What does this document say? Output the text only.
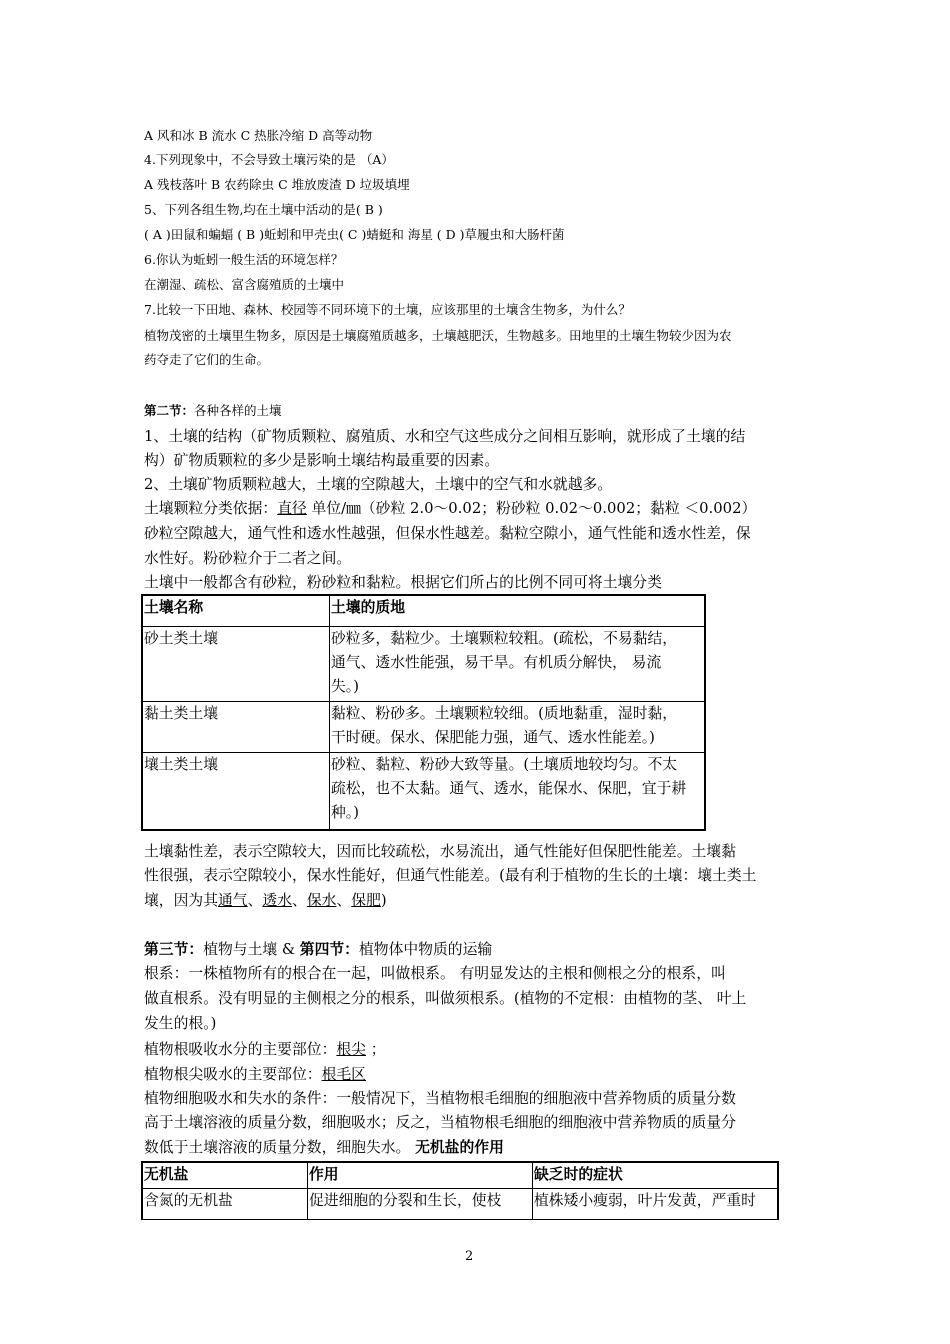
A 风和冰 B 流水 C 热胀冷缩 D 高等动物
4.下列现象中，不会导致土壤污染的是 （A）
A 残枝落叶 B 农药除虫 C 堆放废渣 D 垃圾填埋
5、下列各组生物,均在土壤中活动的是( B )
( A )田鼠和蝙蝠 ( B )蚯蚓和甲壳虫( C )蜻蜓和 海星 ( D )草履虫和大肠杆菌
6.你认为蚯蚓一般生活的环境怎样？
在潮湿、疏松、富含腐殖质的土壤中
7.比较一下田地、森林、校园等不同环境下的土壤，应该那里的土壤含生物多，为什么？
植物茂密的土壤里生物多，原因是土壤腐殖质越多，土壤越肥沃，生物越多。田地里的土壤生物较少因为农
药夺走了它们的生命。
第二节：各种各样的土壤
1、土壤的结构（矿物质颗粒、腐殖质、水和空气这些成分之间相互影响，就形成了土壤的结
构）矿物质颗粒的多少是影响土壤结构最重要的因素。
2、土壤矿物质颗粒越大，土壤的空隙越大，土壤中的空气和水就越多。
土壤颗粒分类依据：直径 单位/㎜（砂粒 2.0～0.02；粉砂粒 0.02～0.002；黏粒 ＜0.002）
砂粒空隙越大，通气性和透水性越强，但保水性越差。黏粒空隙小，通气性能和透水性差，保
水性好。粉砂粒介于二者之间。
土壤中一般都含有砂粒，粉砂粒和黏粒。根据它们所占的比例不同可将土壤分类
土壤名称	土壤的质地
砂土类土壤	砂粒多，黏粒少。土壤颗粒较粗。(疏松，不易黏结，
通气、透水性能强，易干旱。有机质分解快， 易流
失。)

黏土类土壤	黏粒、粉砂多。土壤颗粒较细。(质地黏重，湿时黏，
干时硬。保水、保肥能力强，通气、透水性能差。)

壤土类土壤	砂粒、黏粒、粉砂大致等量。(土壤质地较均匀。不太
疏松，也不太黏。通气、透水，能保水、保肥，宜于耕
种。)
土壤黏性差，表示空隙较大，因而比较疏松，水易流出，通气性能好但保肥性能差。土壤黏
性很强，表示空隙较小，保水性能好，但通气性能差。(最有利于植物的生长的土壤：壤土类土
壤，因为其通气、透水、保水、保肥)
第三节：植物与土壤 & 第四节：植物体中物质的运输
根系：一株植物所有的根合在一起，叫做根系。 有明显发达的主根和侧根之分的根系，叫
做直根系。没有明显的主侧根之分的根系，叫做须根系。(植物的不定根：由植物的茎、 叶上
发生的根。)
植物根吸收水分的主要部位：根尖 ；
植物根尖吸水的主要部位：根毛区
植物细胞吸水和失水的条件：一般情况下，当植物根毛细胞的细胞液中营养物质的质量分数
高于土壤溶液的质量分数，细胞吸水；反之，当植物根毛细胞的细胞液中营养物质的质量分
数低于土壤溶液的质量分数，细胞失水。 无机盐的作用
无机盐	作用	缺乏时的症状
含氮的无机盐	促进细胞的分裂和生长，使枝	植株矮小瘦弱，叶片发黄，严重时
2
